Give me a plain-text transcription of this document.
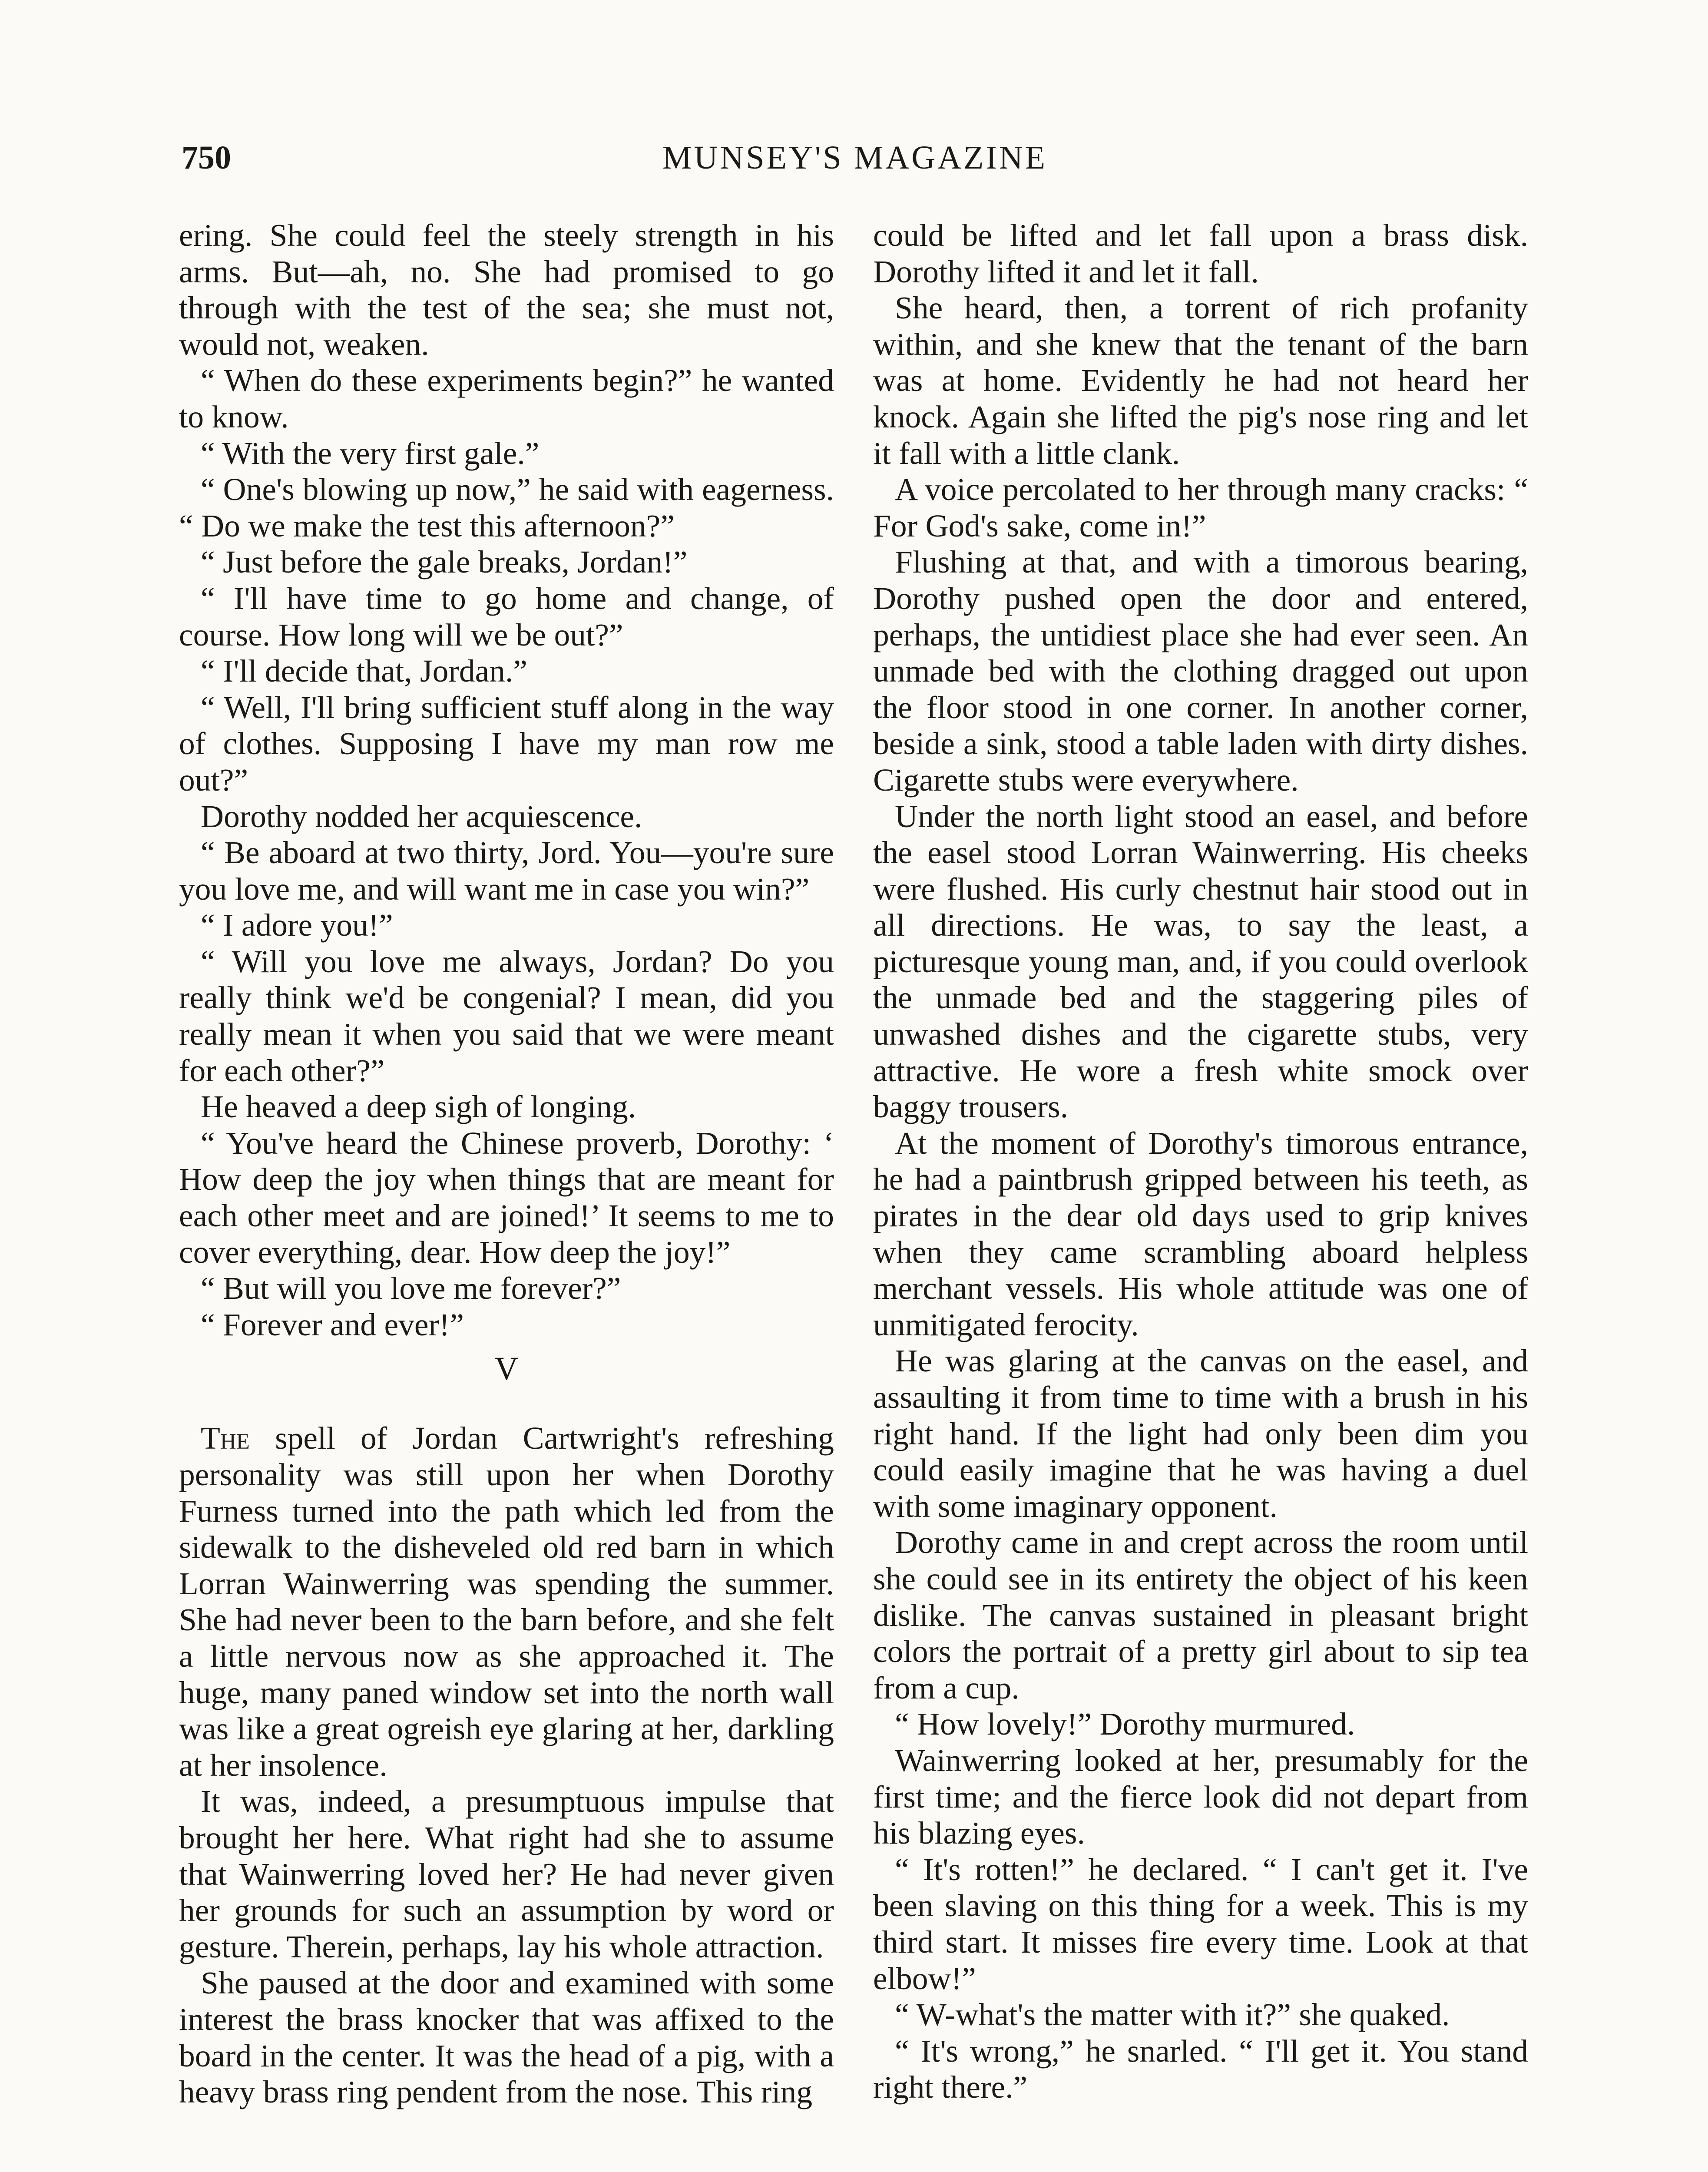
750	MUNSEY'S MAGAZINE

ering. She could feel the steely strength in his arms. But—ah, no. She had promised to go through with the test of the sea; she must not, would not, weaken.

“ When do these experiments begin?” he wanted to know.

“ With the very first gale.”

“ One's blowing up now,” he said with eagerness. “ Do we make the test this afternoon?”

“ Just before the gale breaks, Jordan!”

“ I'll have time to go home and change, of course. How long will we be out?”

“ I'll decide that, Jordan.”

“ Well, I'll bring sufficient stuff along in the way of clothes. Supposing I have my man row me out?”

Dorothy nodded her acquiescence.

“ Be aboard at two thirty, Jord. You—you're sure you love me, and will want me in case you win?”

“ I adore you!”

“ Will you love me always, Jordan? Do you really think we'd be congenial? I mean, did you really mean it when you said that we were meant for each other?”

He heaved a deep sigh of longing.

“ You've heard the Chinese proverb, Dorothy: ‘ How deep the joy when things that are meant for each other meet and are joined!’ It seems to me to cover everything, dear. How deep the joy!”

“ But will you love me forever?”

“ Forever and ever!”

V

The spell of Jordan Cartwright's refreshing personality was still upon her when Dorothy Furness turned into the path which led from the sidewalk to the disheveled old red barn in which Lorran Wainwerring was spending the summer. She had never been to the barn before, and she felt a little nervous now as she approached it. The huge, many paned window set into the north wall was like a great ogreish eye glaring at her, darkling at her insolence.

It was, indeed, a presumptuous impulse that brought her here. What right had she to assume that Wainwerring loved her? He had never given her grounds for such an assumption by word or gesture. Therein, perhaps, lay his whole attraction.

She paused at the door and examined with some interest the brass knocker that was affixed to the board in the center. It was the head of a pig, with a heavy brass ring pendent from the nose. This ring

could be lifted and let fall upon a brass disk. Dorothy lifted it and let it fall.

She heard, then, a torrent of rich profanity within, and she knew that the tenant of the barn was at home. Evidently he had not heard her knock. Again she lifted the pig's nose ring and let it fall with a little clank.

A voice percolated to her through many cracks: “ For God's sake, come in!”

Flushing at that, and with a timorous bearing, Dorothy pushed open the door and entered, perhaps, the untidiest place she had ever seen. An unmade bed with the clothing dragged out upon the floor stood in one corner. In another corner, beside a sink, stood a table laden with dirty dishes. Cigarette stubs were everywhere.

Under the north light stood an easel, and before the easel stood Lorran Wainwerring. His cheeks were flushed. His curly chestnut hair stood out in all directions. He was, to say the least, a picturesque young man, and, if you could overlook the unmade bed and the staggering piles of unwashed dishes and the cigarette stubs, very attractive. He wore a fresh white smock over baggy trousers.

At the moment of Dorothy's timorous entrance, he had a paintbrush gripped between his teeth, as pirates in the dear old days used to grip knives when they came scrambling aboard helpless merchant vessels. His whole attitude was one of unmitigated ferocity.

He was glaring at the canvas on the easel, and assaulting it from time to time with a brush in his right hand. If the light had only been dim you could easily imagine that he was having a duel with some imaginary opponent.

Dorothy came in and crept across the room until she could see in its entirety the object of his keen dislike. The canvas sustained in pleasant bright colors the portrait of a pretty girl about to sip tea from a cup.

“ How lovely!” Dorothy murmured.

Wainwerring looked at her, presumably for the first time; and the fierce look did not depart from his blazing eyes.

“ It's rotten!” he declared. “ I can't get it. I've been slaving on this thing for a week. This is my third start. It misses fire every time. Look at that elbow!”

“ W-what's the matter with it?” she quaked.

“ It's wrong,” he snarled. “ I'll get it. You stand right there.”
